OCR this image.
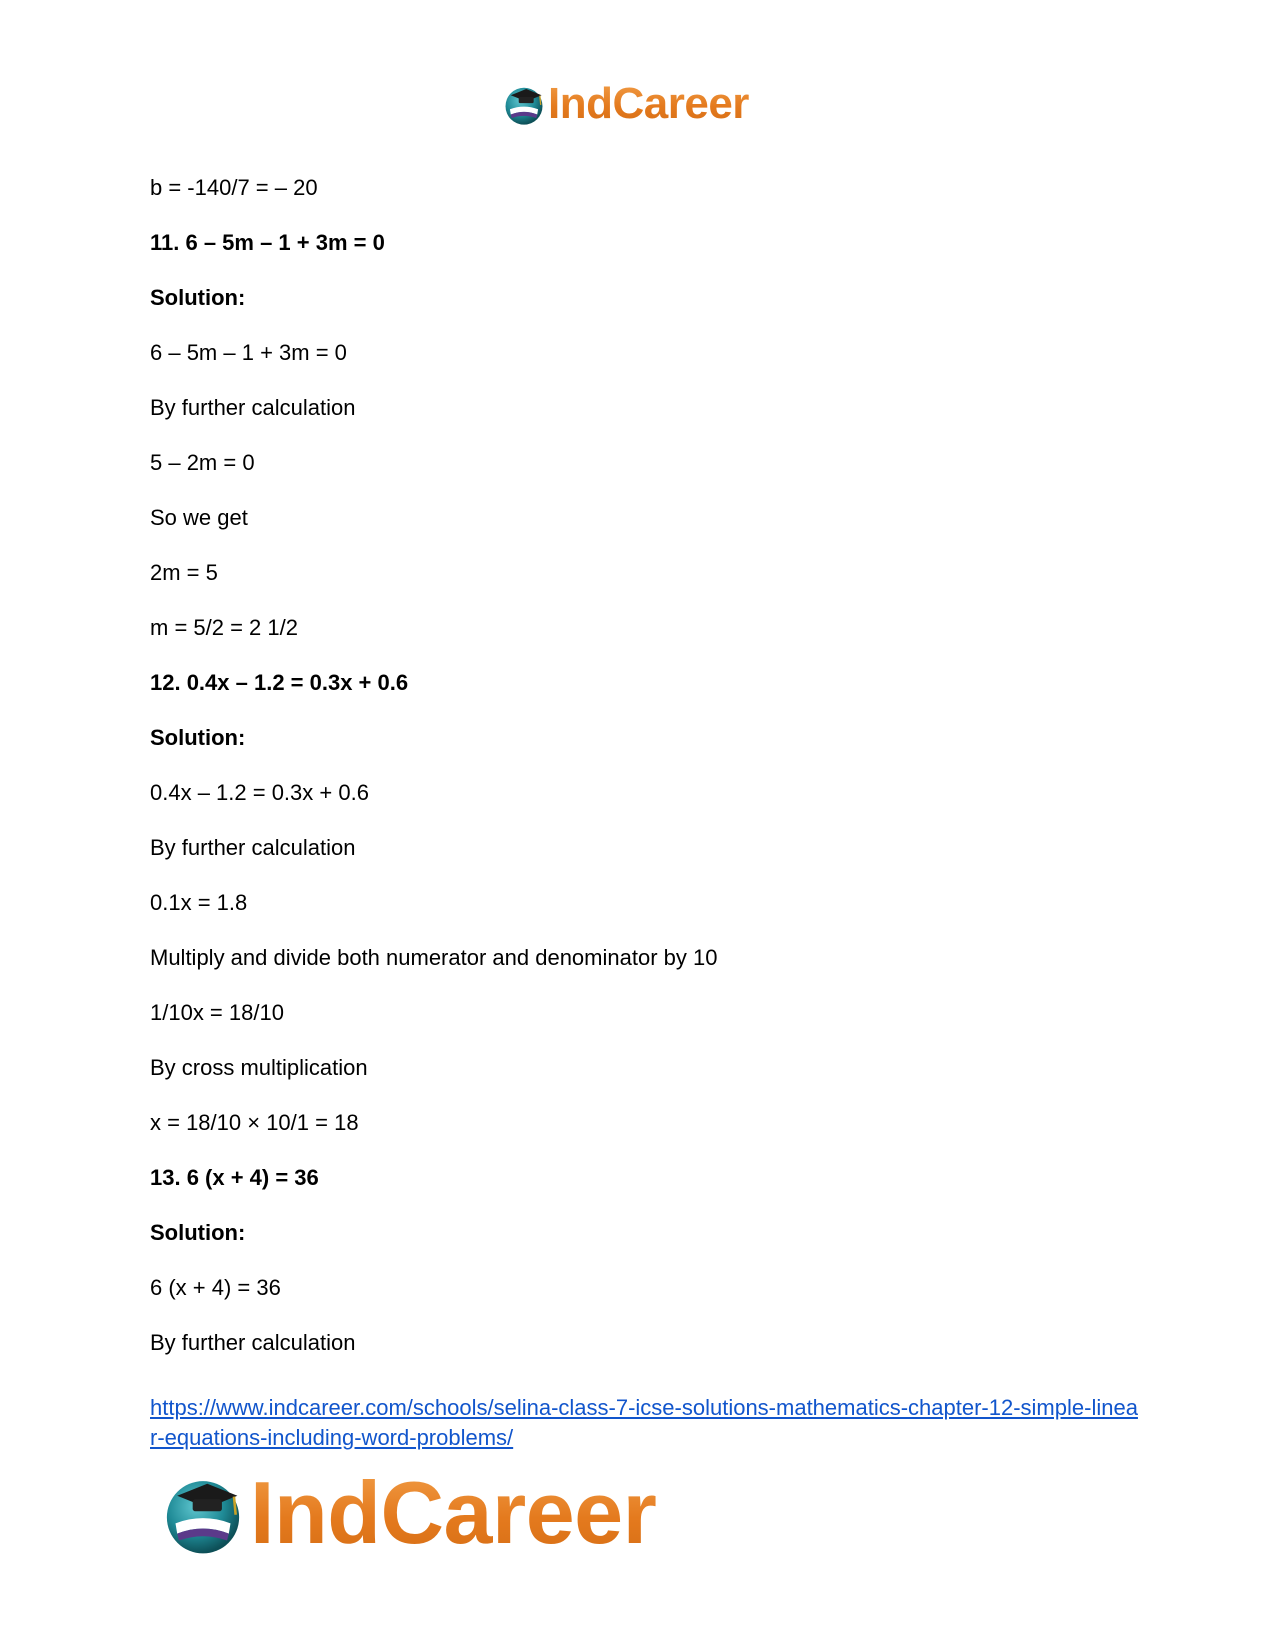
IndCareer
b = -140/7 = – 20
11. 6 – 5m – 1 + 3m = 0
Solution:
6 – 5m – 1 + 3m = 0
By further calculation
5 – 2m = 0
So we get
2m = 5
m = 5/2 = 2 1/2
12. 0.4x – 1.2 = 0.3x + 0.6
Solution:
0.4x – 1.2 = 0.3x + 0.6
By further calculation
0.1x = 1.8
Multiply and divide both numerator and denominator by 10
1/10x = 18/10
By cross multiplication
x = 18/10 × 10/1 = 18
13. 6 (x + 4) = 36
Solution:
6 (x + 4) = 36
By further calculation
https://www.indcareer.com/schools/selina-class-7-icse-solutions-mathematics-chapter-12-simple-linear-equations-including-word-problems/
IndCareer
